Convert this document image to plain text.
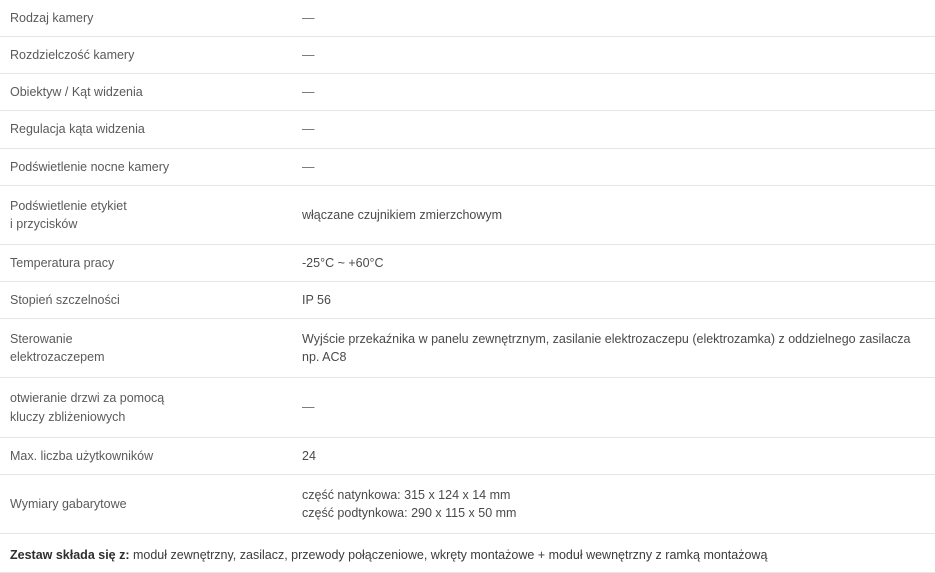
Rodzaj kamery	—

Rozdzielczość kamery	—

Obiektyw / Kąt widzenia	—

Regulacja kąta widzenia	—

Podświetlenie nocne kamery	—

Podświetlenie etykiet
i przycisków	włączane czujnikiem zmierzchowym

Temperatura pracy	-25°C ~ +60°C

Stopień szczelności	IP 56

Sterowanie
elektrozaczepem	Wyjście przekaźnika w panelu zewnętrznym, zasilanie elektrozaczepu (elektrozamka) z oddzielnego zasilacza np. AC8

otwieranie drzwi za pomocą
kluczy zbliżeniowych	—

Max. liczba użytkowników	24

Wymiary gabarytowe	część natynkowa: 315 x 124 x 14 mm
część podtynkowa: 290 x 115 x 50 mm

Zestaw składa się z: moduł zewnętrzny, zasilacz, przewody połączeniowe, wkręty montażowe + moduł wewnętrzny z ramką montażową	
